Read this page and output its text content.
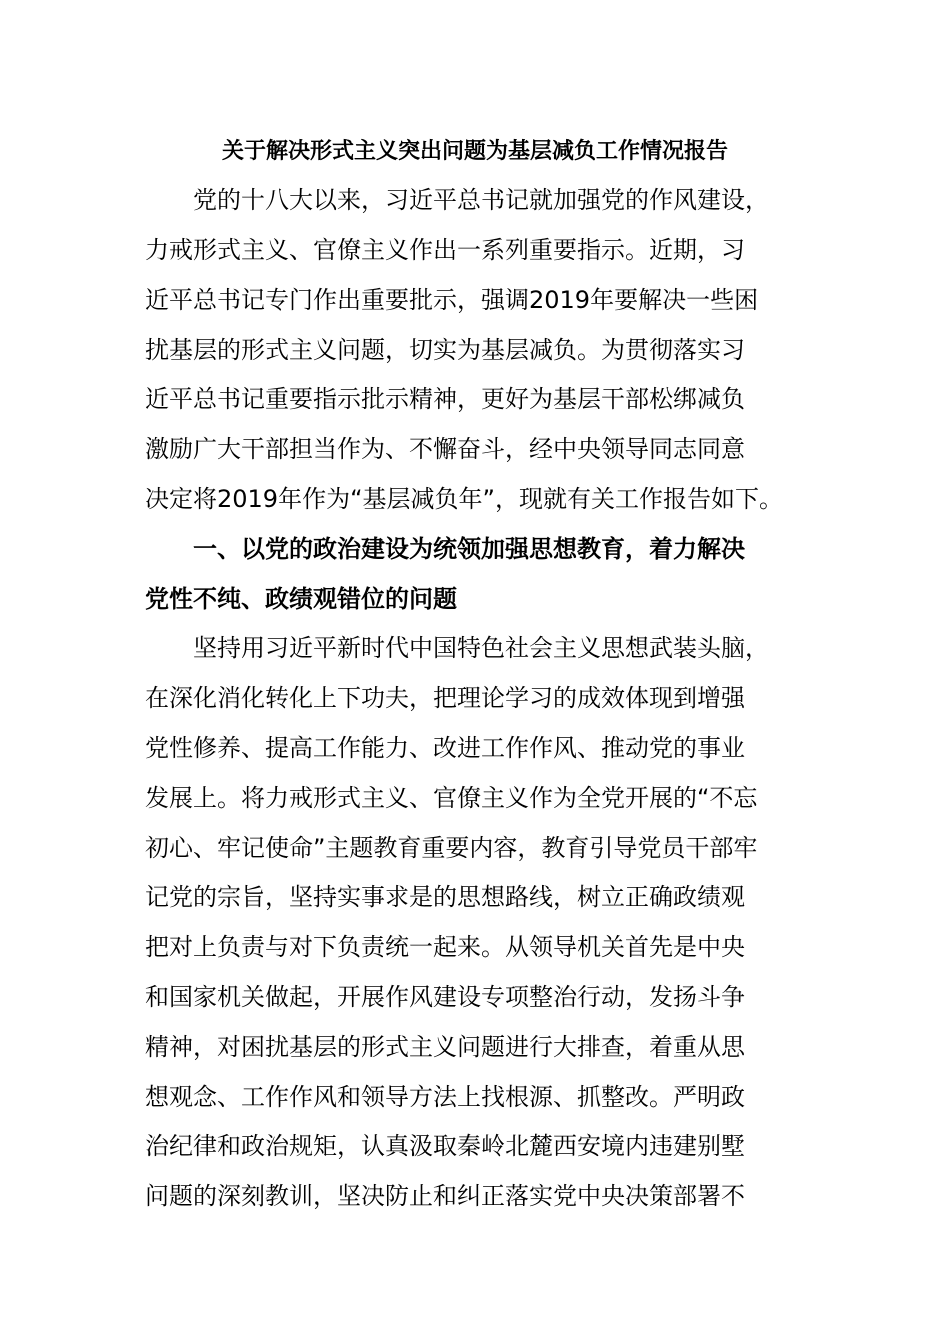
关于解决形式主义突出问题为基层减负工作情况报告
党的十八大以来，习近平总书记就加强党的作风建设，
力戒形式主义、官僚主义作出一系列重要指示。近期，习
近平总书记专门作出重要批示，强调2019年要解决一些困
扰基层的形式主义问题，切实为基层减负。为贯彻落实习
近平总书记重要指示批示精神，更好为基层干部松绑减负
激励广大干部担当作为、不懈奋斗，经中央领导同志同意
决定将2019年作为“基层减负年”，现就有关工作报告如下。
一、以党的政治建设为统领加强思想教育，着力解决
党性不纯、政绩观错位的问题
坚持用习近平新时代中国特色社会主义思想武装头脑，
在深化消化转化上下功夫，把理论学习的成效体现到增强
党性修养、提高工作能力、改进工作作风、推动党的事业
发展上。将力戒形式主义、官僚主义作为全党开展的“不忘
初心、牢记使命”主题教育重要内容，教育引导党员干部牢
记党的宗旨，坚持实事求是的思想路线，树立正确政绩观
把对上负责与对下负责统一起来。从领导机关首先是中央
和国家机关做起，开展作风建设专项整治行动，发扬斗争
精神，对困扰基层的形式主义问题进行大排查，着重从思
想观念、工作作风和领导方法上找根源、抓整改。严明政
治纪律和政治规矩，认真汲取秦岭北麓西安境内违建别墅
问题的深刻教训，坚决防止和纠正落实党中央决策部署不
